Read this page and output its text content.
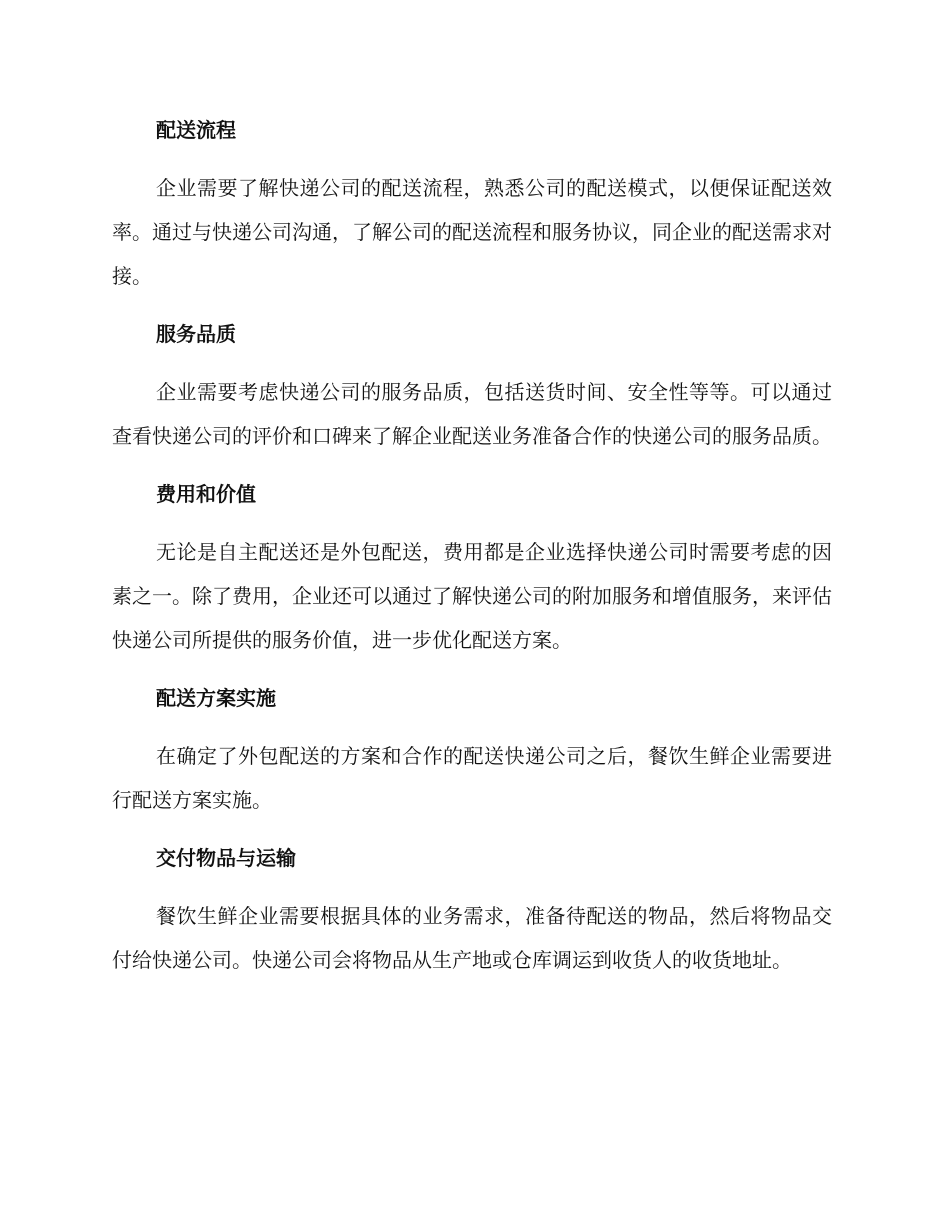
配送流程

企业需要了解快递公司的配送流程，熟悉公司的配送模式，以便保证配送效率。通过与快递公司沟通，了解公司的配送流程和服务协议，同企业的配送需求对接。

服务品质

企业需要考虑快递公司的服务品质，包括送货时间、安全性等等。可以通过查看快递公司的评价和口碑来了解企业配送业务准备合作的快递公司的服务品质。

费用和价值

无论是自主配送还是外包配送，费用都是企业选择快递公司时需要考虑的因素之一。除了费用，企业还可以通过了解快递公司的附加服务和增值服务，来评估快递公司所提供的服务价值，进一步优化配送方案。

配送方案实施

在确定了外包配送的方案和合作的配送快递公司之后，餐饮生鲜企业需要进行配送方案实施。

交付物品与运输

餐饮生鲜企业需要根据具体的业务需求，准备待配送的物品，然后将物品交付给快递公司。快递公司会将物品从生产地或仓库调运到收货人的收货地址。
